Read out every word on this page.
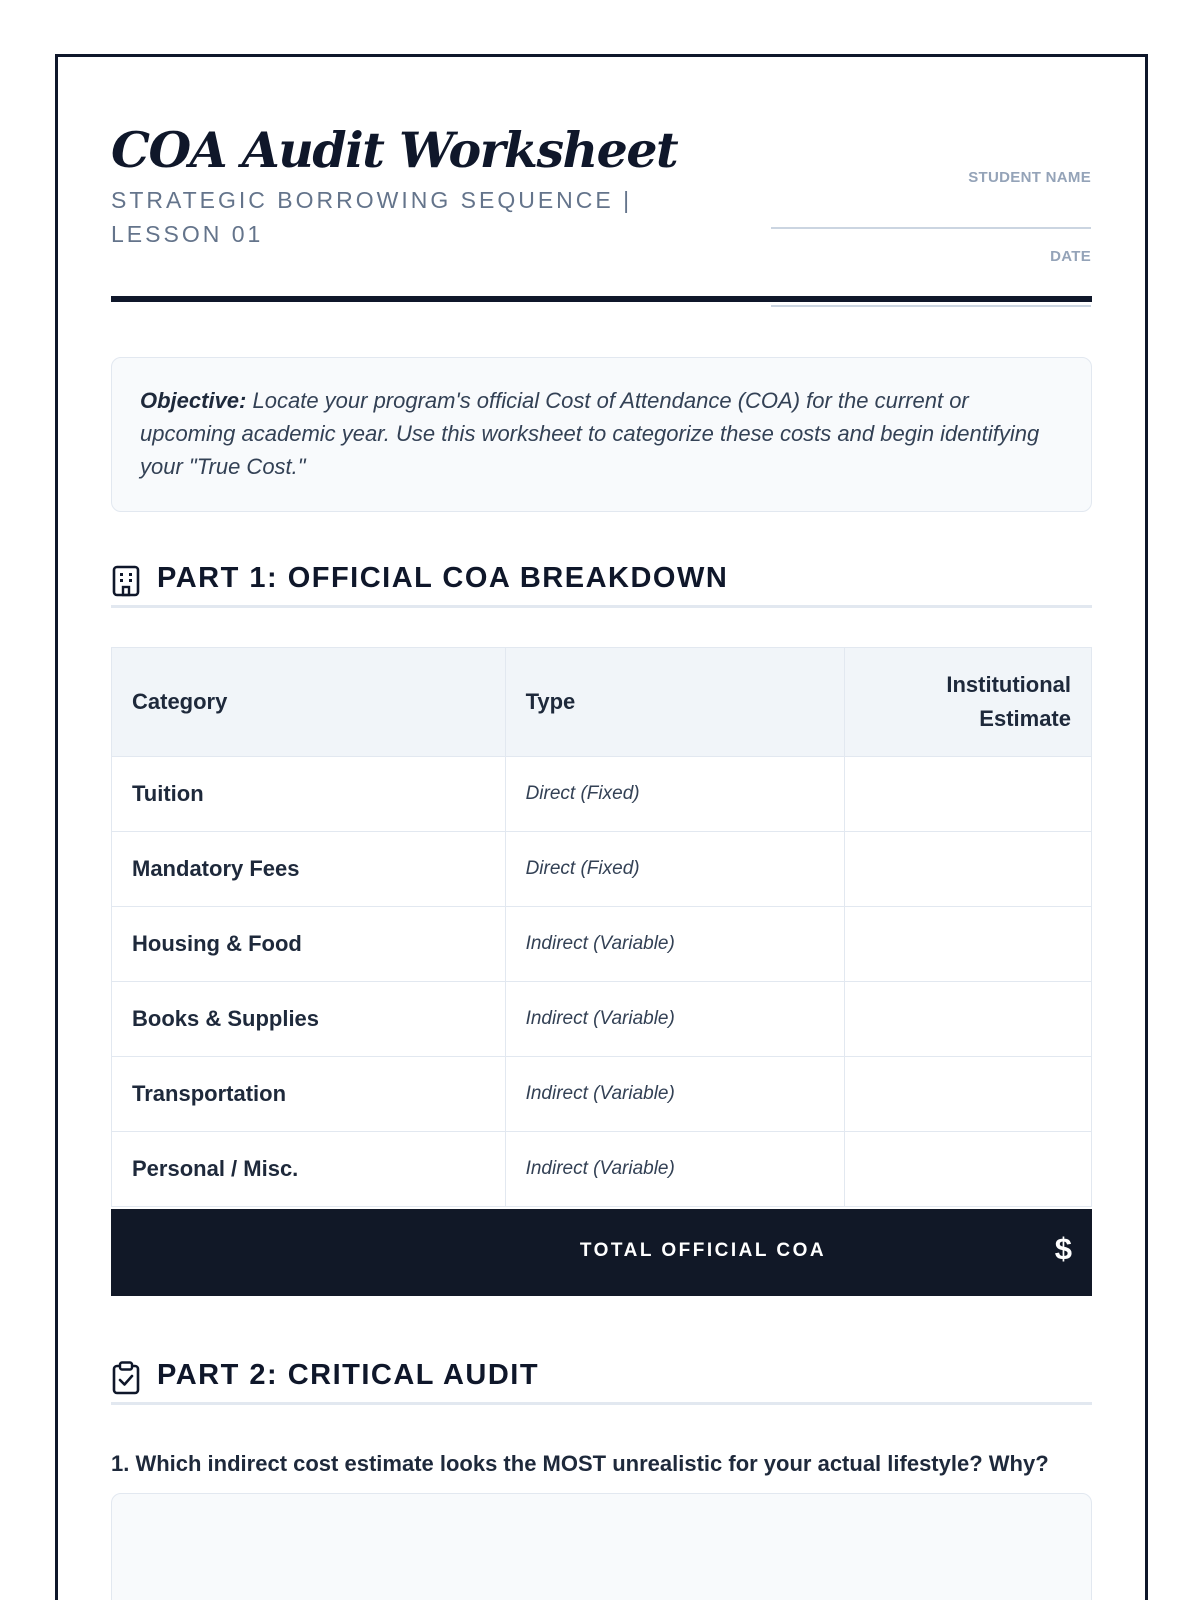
COA Audit Worksheet
STRATEGIC BORROWING SEQUENCE | LESSON 01
STUDENT NAME
DATE
Objective: Locate your program's official Cost of Attendance (COA) for the current or upcoming academic year. Use this worksheet to categorize these costs and begin identifying your "True Cost."
PART 1: OFFICIAL COA BREAKDOWN
Category	Type	Institutional Estimate
Tuition	Direct (Fixed)	
Mandatory Fees	Direct (Fixed)	
Housing & Food	Indirect (Variable)	
Books & Supplies	Indirect (Variable)	
Transportation	Indirect (Variable)	
Personal / Misc.	Indirect (Variable)	
TOTAL OFFICIAL COA	$
PART 2: CRITICAL AUDIT
1. Which indirect cost estimate looks the MOST unrealistic for your actual lifestyle? Why?
